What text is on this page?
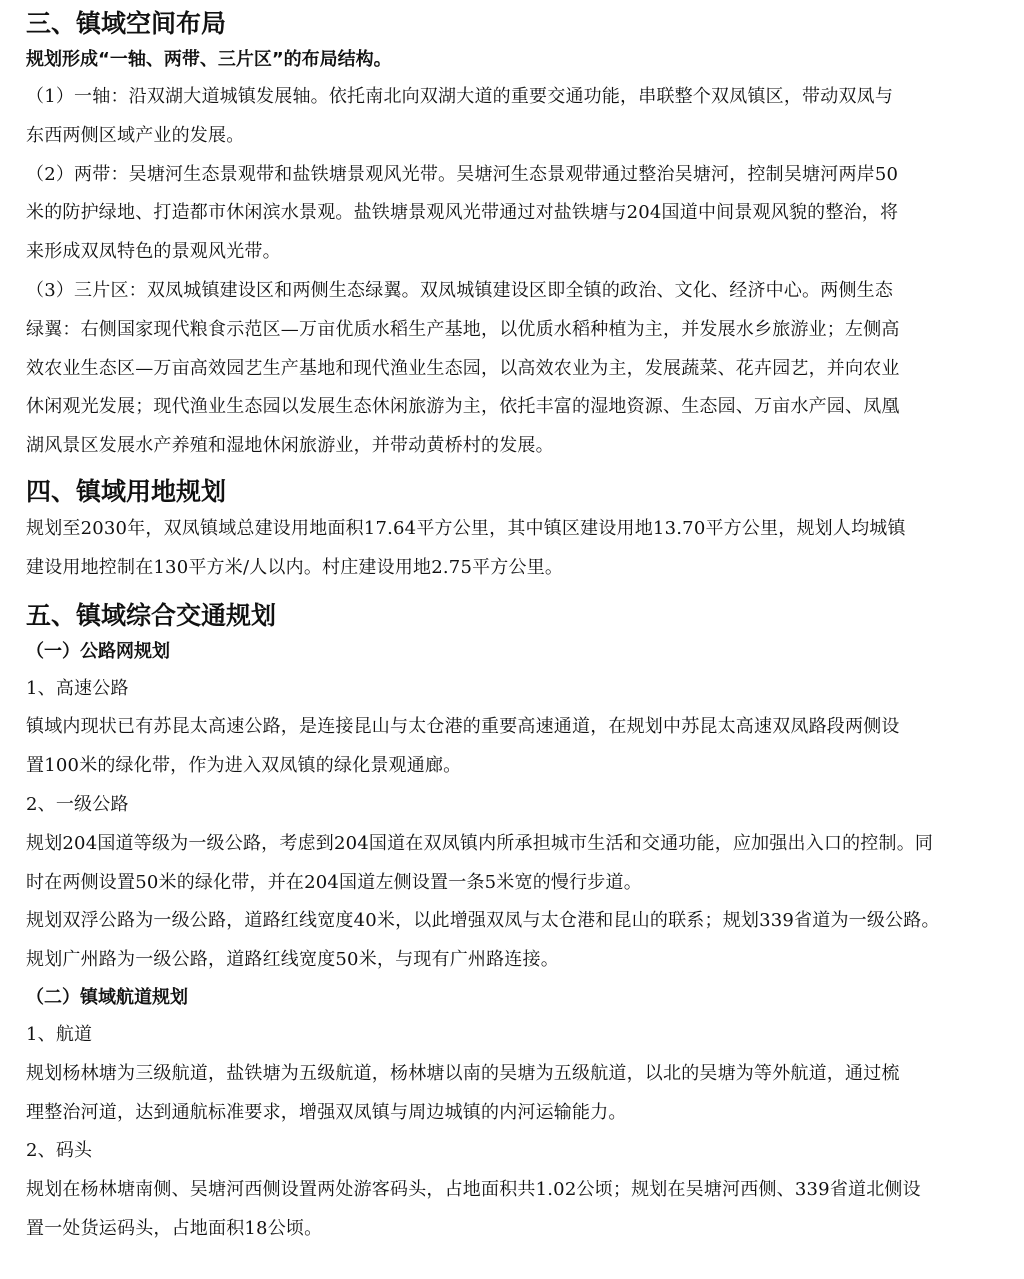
三、镇域空间布局
规划形成“一轴、两带、三片区”的布局结构。

（1）一轴：沿双湖大道城镇发展轴。依托南北向双湖大道的重要交通功能，串联整个双凤镇区，带动双凤与

东西两侧区域产业的发展。

（2）两带：吴塘河生态景观带和盐铁塘景观风光带。吴塘河生态景观带通过整治吴塘河，控制吴塘河两岸50

米的防护绿地、打造都市休闲滨水景观。盐铁塘景观风光带通过对盐铁塘与204国道中间景观风貌的整治，将

来形成双凤特色的景观风光带。

（3）三片区：双凤城镇建设区和两侧生态绿翼。双凤城镇建设区即全镇的政治、文化、经济中心。两侧生态

绿翼：右侧国家现代粮食示范区—万亩优质水稻生产基地，以优质水稻种植为主，并发展水乡旅游业；左侧高

效农业生态区—万亩高效园艺生产基地和现代渔业生态园，以高效农业为主，发展蔬菜、花卉园艺，并向农业

休闲观光发展；现代渔业生态园以发展生态休闲旅游为主，依托丰富的湿地资源、生态园、万亩水产园、凤凰

湖风景区发展水产养殖和湿地休闲旅游业，并带动黄桥村的发展。

四、镇域用地规划

规划至2030年，双凤镇域总建设用地面积17.64平方公里，其中镇区建设用地13.70平方公里，规划人均城镇

建设用地控制在130平方米/人以内。村庄建设用地2.75平方公里。

五、镇域综合交通规划
（一）公路网规划

1、高速公路

镇域内现状已有苏昆太高速公路，是连接昆山与太仓港的重要高速通道，在规划中苏昆太高速双凤路段两侧设

置100米的绿化带，作为进入双凤镇的绿化景观通廊。

2、一级公路

规划204国道等级为一级公路，考虑到204国道在双凤镇内所承担城市生活和交通功能，应加强出入口的控制。同

时在两侧设置50米的绿化带，并在204国道左侧设置一条5米宽的慢行步道。

规划双浮公路为一级公路，道路红线宽度40米，以此增强双凤与太仓港和昆山的联系；规划339省道为一级公路。

规划广州路为一级公路，道路红线宽度50米，与现有广州路连接。

（二）镇域航道规划

1、航道

规划杨林塘为三级航道，盐铁塘为五级航道，杨林塘以南的吴塘为五级航道，以北的吴塘为等外航道，通过梳

理整治河道，达到通航标准要求，增强双凤镇与周边城镇的内河运输能力。

2、码头

规划在杨林塘南侧、吴塘河西侧设置两处游客码头，占地面积共1.02公顷；规划在吴塘河西侧、339省道北侧设

置一处货运码头，占地面积18公顷。
